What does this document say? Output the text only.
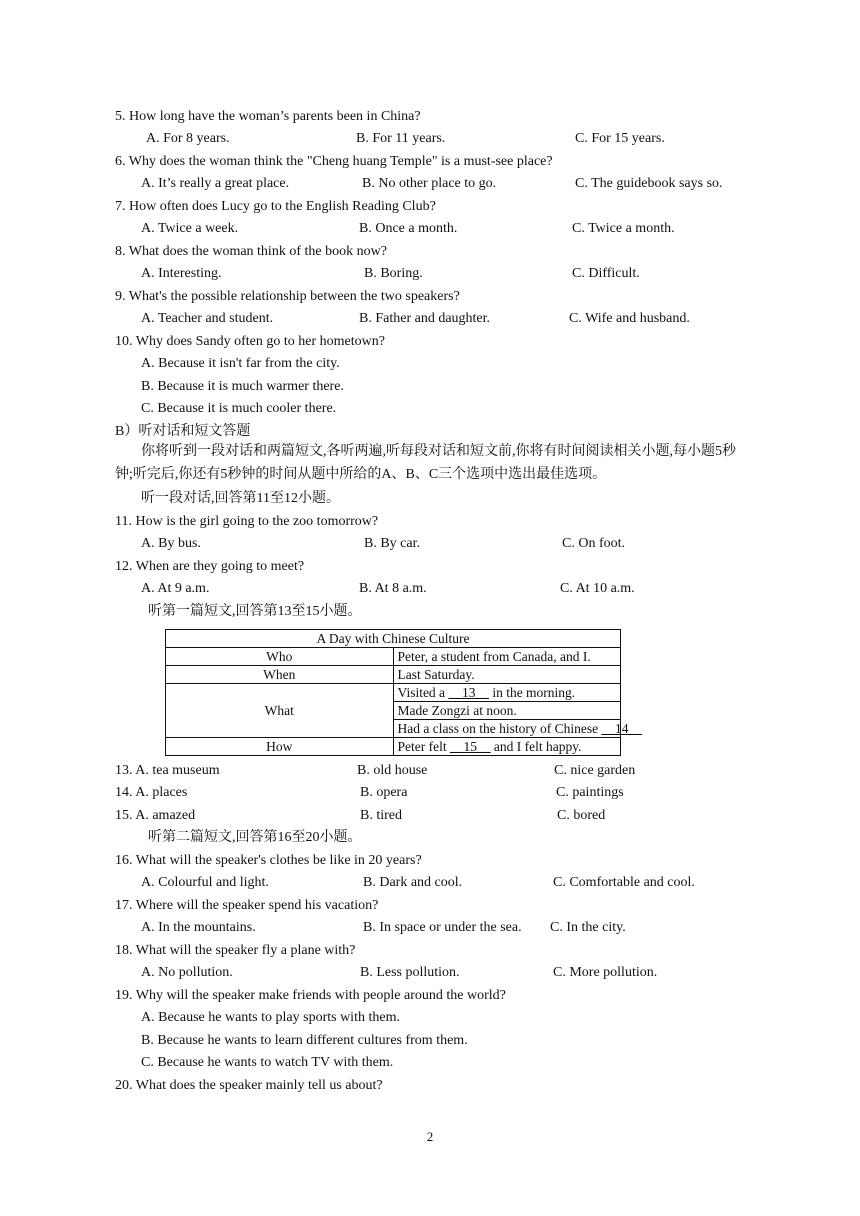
5. How long have the woman’s parents been in China?
A. For 8 years.	B. For 11 years.	C. For 15 years.
6. Why does the woman think the "Cheng huang Temple" is a must-see place?
A. It’s really a great place.	B. No other place to go.	C. The guidebook says so.
7. How often does Lucy go to the English Reading Club?
A. Twice a week.	B. Once a month.	C. Twice a month.
8. What does the woman think of the book now?
A. Interesting.	B. Boring.	C. Difficult.
9. What's the possible relationship between the two speakers?
A. Teacher and student.	B. Father and daughter.	C. Wife and husband.
10. Why does Sandy often go to her hometown?
A. Because it isn't far from the city.
B. Because it is much warmer there.
C. Because it is much cooler there.
B）听对话和短文答题
你将听到一段对话和两篇短文,各听两遍,听每段对话和短文前,你将有时间阅读相关小题,每小题5秒钟;听完后,你还有5秒钟的时间从题中所给的A、B、C三个选项中选出最佳选项。
听一段对话,回答第11至12小题。
11. How is the girl going to the zoo tomorrow?
A. By bus.	B. By car.	C. On foot.
12. When are they going to meet?
A. At 9 a.m.	B. At 8 a.m.	C. At 10 a.m.
听第一篇短文,回答第13至15小题。
A Day with Chinese Culture	
Who	Peter, a student from Canada, and I.
When	Last Saturday.
What	Visited a __13__ in the morning.
	Made Zongzi at noon.
	Had a class on the history of Chinese __14__
How	Peter felt __15__ and I felt happy.
13. A. tea museum	B. old house	C. nice garden
14. A. places	B. opera	C. paintings
15. A. amazed	B. tired	C. bored
听第二篇短文,回答第16至20小题。
16. What will the speaker's clothes be like in 20 years?
A. Colourful and light.	B. Dark and cool.	C. Comfortable and cool.
17. Where will the speaker spend his vacation?
A. In the mountains.	B. In space or under the sea. C. In the city.
18. What will the speaker fly a plane with?
A. No pollution.	B. Less pollution.	C. More pollution.
19. Why will the speaker make friends with people around the world?
A. Because he wants to play sports with them.
B. Because he wants to learn different cultures from them.
C. Because he wants to watch TV with them.
20. What does the speaker mainly tell us about?
2
